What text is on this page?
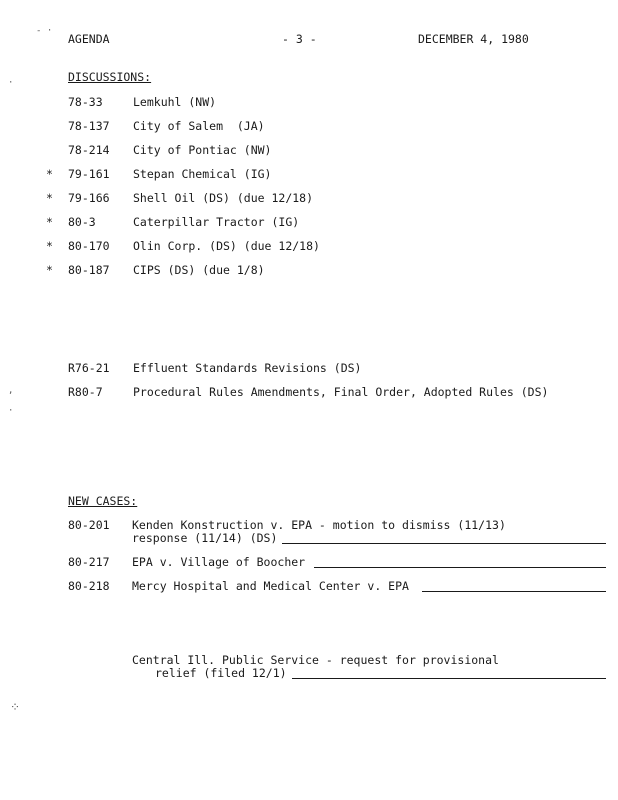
AGENDA	- 3 -	DECEMBER 4, 1980
- ·
·
,
·
⁘
DISCUSSIONS:
78-33	Lemkuhl (NW)
78-137 City of Salem  (JA)
78-214 City of Pontiac (NW)
* 79-161 Stepan Chemical (IG)
* 79-166 Shell Oil (DS) (due 12/18)
* 80-3	Caterpillar Tractor (IG)
* 80-170 Olin Corp. (DS) (due 12/18)
* 80-187 CIPS (DS) (due 1/8)
R76-21 Effluent Standards Revisions (DS)
R80-7	Procedural Rules Amendments, Final Order, Adopted Rules (DS)
NEW CASES:
80-201 Kenden Konstruction v. EPA - motion to dismiss (11/13)
response (11/14) (DS)
80-217 EPA v. Village of Boocher
80-218 Mercy Hospital and Medical Center v. EPA
Central Ill. Public Service - request for provisional
relief (filed 12/1)
